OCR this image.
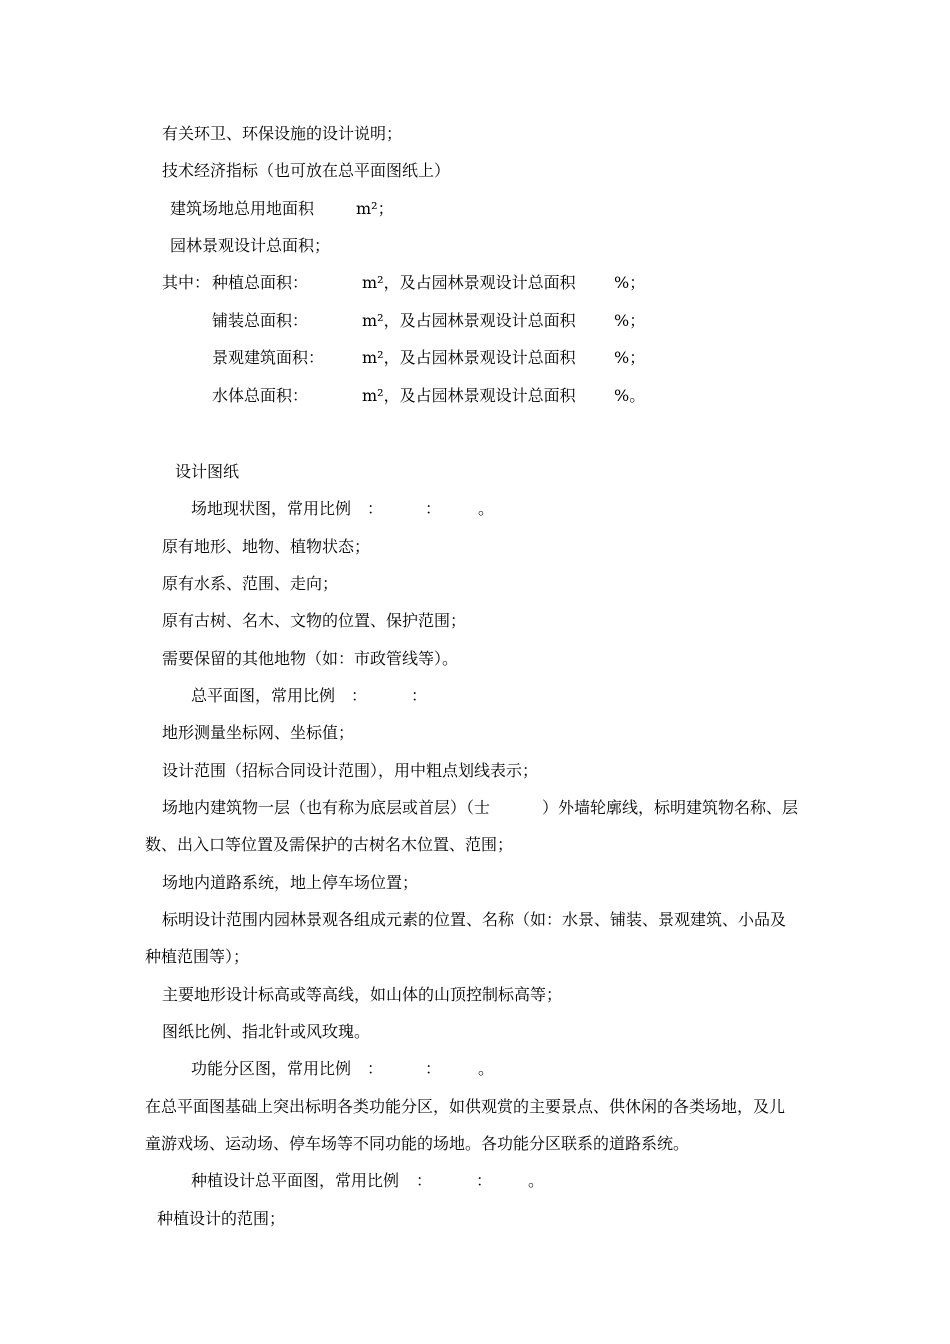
有关环卫、环保设施的设计说明；
技术经济指标（也可放在总平面图纸上）
建筑场地总用地面积	m²；
园林景观设计总面积；
其中： 种植总面积：	m²，及占园林景观设计总面积 %；
铺装总面积：	m²，及占园林景观设计总面积 %；
景观建筑面积： m²，及占园林景观设计总面积 %；
水体总面积：	m²，及占园林景观设计总面积 %。
设计图纸
场地现状图，常用比例 ：	： 。
原有地形、地物、植物状态；
原有水系、范围、走向；
原有古树、名木、文物的位置、保护范围；
需要保留的其他地物（如：市政管线等）。
总平面图，常用比例 ：	：
地形测量坐标网、坐标值；
设计范围（招标合同设计范围），用中粗点划线表示；
场地内建筑物一层（也有称为底层或首层）（士	）外墙轮廓线，标明建筑物名称、层
数、出入口等位置及需保护的古树名木位置、范围；
场地内道路系统，地上停车场位置；
标明设计范围内园林景观各组成元素的位置、名称（如：水景、铺装、景观建筑、小品及
种植范围等）；
主要地形设计标高或等高线，如山体的山顶控制标高等；
图纸比例、指北针或风玫瑰。
功能分区图，常用比例 ：	： 。
在总平面图基础上突出标明各类功能分区，如供观赏的主要景点、供休闲的各类场地，及儿
童游戏场、运动场、停车场等不同功能的场地。各功能分区联系的道路系统。
种植设计总平面图，常用比例 ：	： 。
种植设计的范围；
